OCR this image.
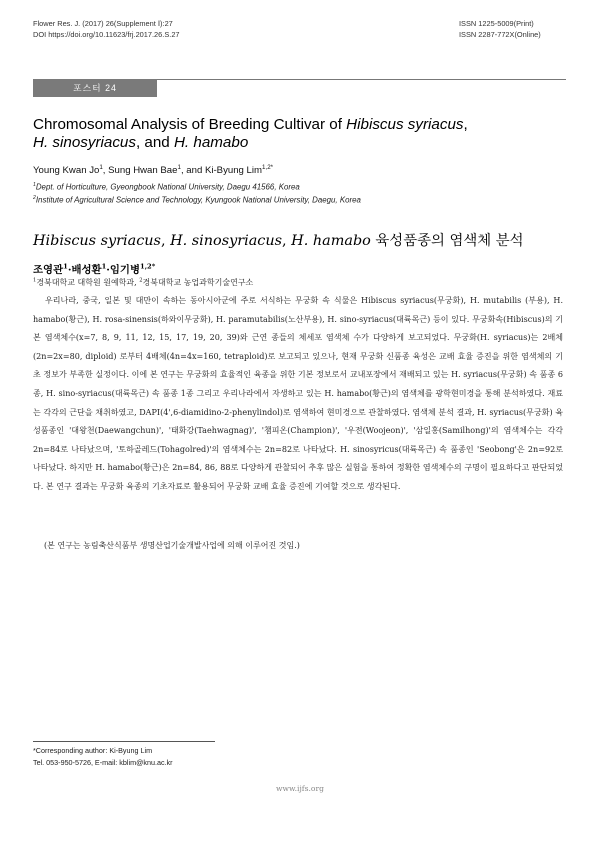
Flower Res. J. (2017) 26(Supplement Ⅰ):27
DOI https://doi.org/10.11623/frj.2017.26.S.27
ISSN 1225-5009(Print)
ISSN 2287-772X(Online)
포스터 24
Chromosomal Analysis of Breeding Cultivar of Hibiscus syriacus,
H. sinosyriacus, and H. hamabo
Young Kwan Jo$^1$, Sung Hwan Bae$^1$, and Ki-Byung Lim$^{1,2*}$
$^1$Dept. of Horticulture, Gyeongbook National University, Daegu 41566, Korea
$^2$Institute of Agricultural Science and Technology, Kyungook National University, Daegu, Korea
Hibiscus syriacus, H. sinosyriacus, H. hamabo 육성품종의 염색체 분석
조영관$^1$·배성환$^1$·임기병$^{1,2*}$
$^1$경북대학교 대학원 원예학과, $^2$경북대학교 농업과학기술연구소

우리나라, 중국, 일본 및 대만이 속하는 동아시아군에 주로 서식하는 무궁화 속 식물은 Hibiscus syriacus(무궁화), H. mutabilis (부용), H. hamabo(황근), H. rosa-sinensis(하와이무궁화), H. paramutabilis(노산부용), H. sino-syriacus(대륙목근) 등이 있다. 무궁화속(Hibiscus)의 기본 염색체수(x=7, 8, 9, 11, 12, 15, 17, 19, 20, 39)와 근연 종들의 체세포 염색체 수가 다양하게 보고되었다. 무궁화(H. syriacus)는 2배체(2n=2x=80, diploid) 로부터 4배체(4n=4x=160, tetraploid)로 보고되고 있으나, 현재 무궁화 신품종 육성은 교배 효율 증진을 위한 염색체의 기초 정보가 부족한 실정이다. 이에 본 연구는 무궁화의 효율적인 육종을 위한 기본 정보로서 교내포장에서 재배되고 있는 H. syriacus(무궁화) 속 품종 6종, H. sino-syriacus(대륙목근) 속 품종 1종 그리고 우리나라에서 자생하고 있는 H. hamabo(황근)의 염색체를 광학현미경을 통해 분석하였다. 재료는 각각의 근단을 채취하였고, DAPI(4',6-diamidino-2-phenylindol)로 염색하여 현미경으로 관찰하였다. 염색체 분석 결과, H. syriacus(무궁화) 육성품종인 '대왕천(Daewangchun)', '태화강(Taehwagnag)', '챔피온(Champion)', '우전(Woojeon)', '삼일홍(Samilhong)'의 염색체수는 각각 2n=84로 나타났으며, '토하골레드(Tohagolred)'의 염색체수는 2n=82로 나타났다. H. sinosyricus(대륙목근) 속 품종인 'Seobong'은 2n=92로 나타났다. 하지만 H. hamabo(황근)은 2n=84, 86, 88로 다양하게 관찰되어 추후 많은 실험을 통하여 정확한 염색체수의 구명이 필요하다고 판단되었다. 본 연구 결과는 무궁화 육종의 기초자료로 활용되어 무궁화 교배 효율 증진에 기여할 것으로 생각된다.

(본 연구는 농림축산식품부 생명산업기술개발사업에 의해 이루어진 것임.)
*Corresponding author: Ki-Byung Lim
Tel. 053-950-5726, E-mail: kblim@knu.ac.kr
www.ijfs.org
